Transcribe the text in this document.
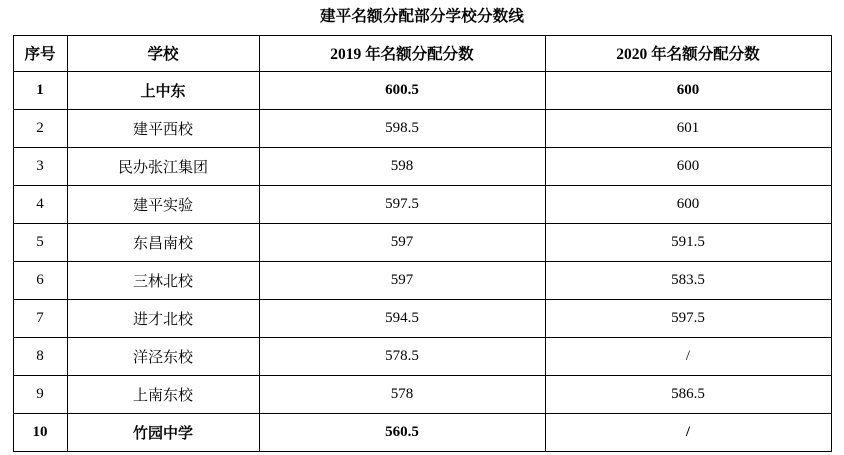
建平名额分配部分学校分数线
序号	学校	2019 年名额分配分数	2020 年名额分配分数
1	上中东	600.5	600
2	建平西校	598.5	601
3	民办张江集团	598	600
4	建平实验	597.5	600
5	东昌南校	597	591.5
6	三林北校	597	583.5
7	进才北校	594.5	597.5
8	洋泾东校	578.5	/
9	上南东校	578	586.5
10	竹园中学	560.5	/
